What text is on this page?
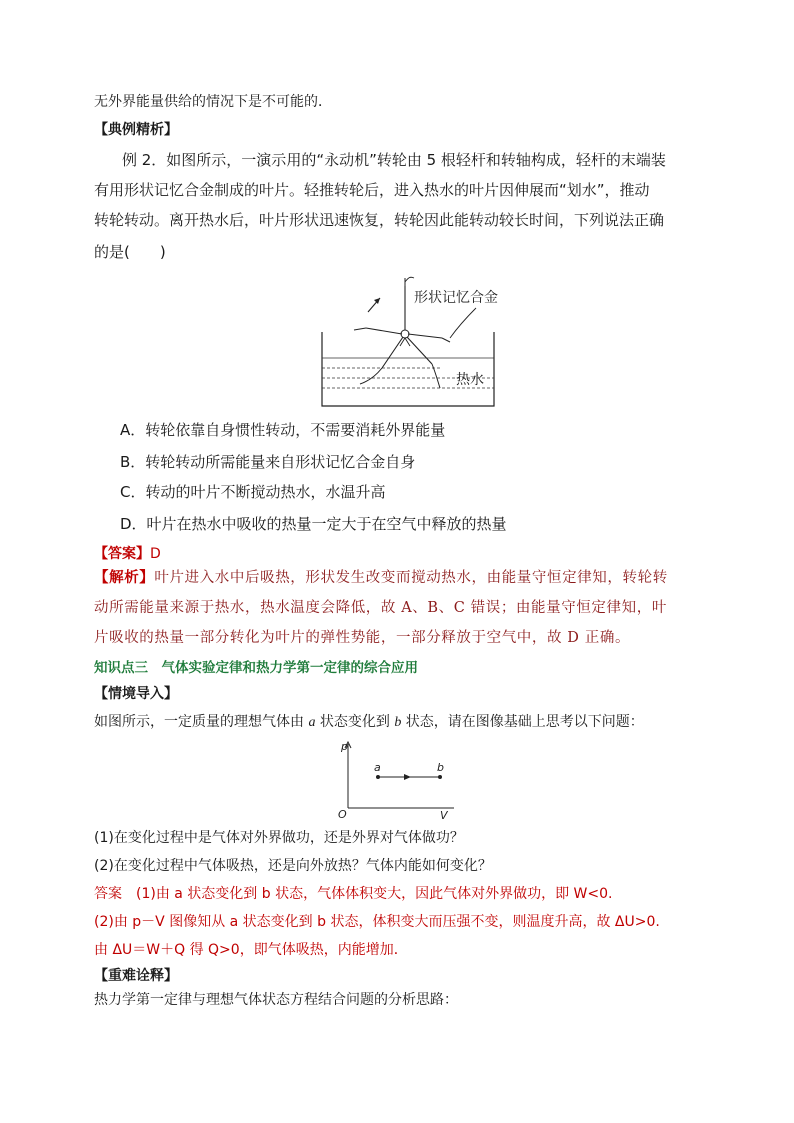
无外界能量供给的情况下是不可能的．
【典例精析】
例 2．如图所示，一演示用的“永动机”转轮由 5 根轻杆和转轴构成，轻杆的末端装
有用形状记忆合金制成的叶片。轻推转轮后，进入热水的叶片因伸展而“划水”，推动
转轮转动。离开热水后，叶片形状迅速恢复，转轮因此能转动较长时间，下列说法正确
的是(　　)
形状记忆合金
热水
A．转轮依靠自身惯性转动，不需要消耗外界能量
B．转轮转动所需能量来自形状记忆合金自身
C．转动的叶片不断搅动热水，水温升高
D．叶片在热水中吸收的热量一定大于在空气中释放的热量
【答案】D
【解析】叶片进入水中后吸热，形状发生改变而搅动热水，由能量守恒定律知，转轮转
动所需能量来源于热水，热水温度会降低，故 A、B、C 错误；由能量守恒定律知，叶
片吸收的热量一部分转化为叶片的弹性势能，一部分释放于空气中，故 D 正确。
知识点三　气体实验定律和热力学第一定律的综合应用
【情境导入】
如图所示，一定质量的理想气体由 a 状态变化到 b 状态，请在图像基础上思考以下问题：
p
V
O
a	b
(1)在变化过程中是气体对外界做功，还是外界对气体做功？
(2)在变化过程中气体吸热，还是向外放热？气体内能如何变化？
答案　(1)由 a 状态变化到 b 状态，气体体积变大，因此气体对外界做功，即 W<0.
(2)由 p－V 图像知从 a 状态变化到 b 状态，体积变大而压强不变，则温度升高，故 ΔU>0.
由 ΔU＝W＋Q 得 Q>0，即气体吸热，内能增加．
【重难诠释】
热力学第一定律与理想气体状态方程结合问题的分析思路：
